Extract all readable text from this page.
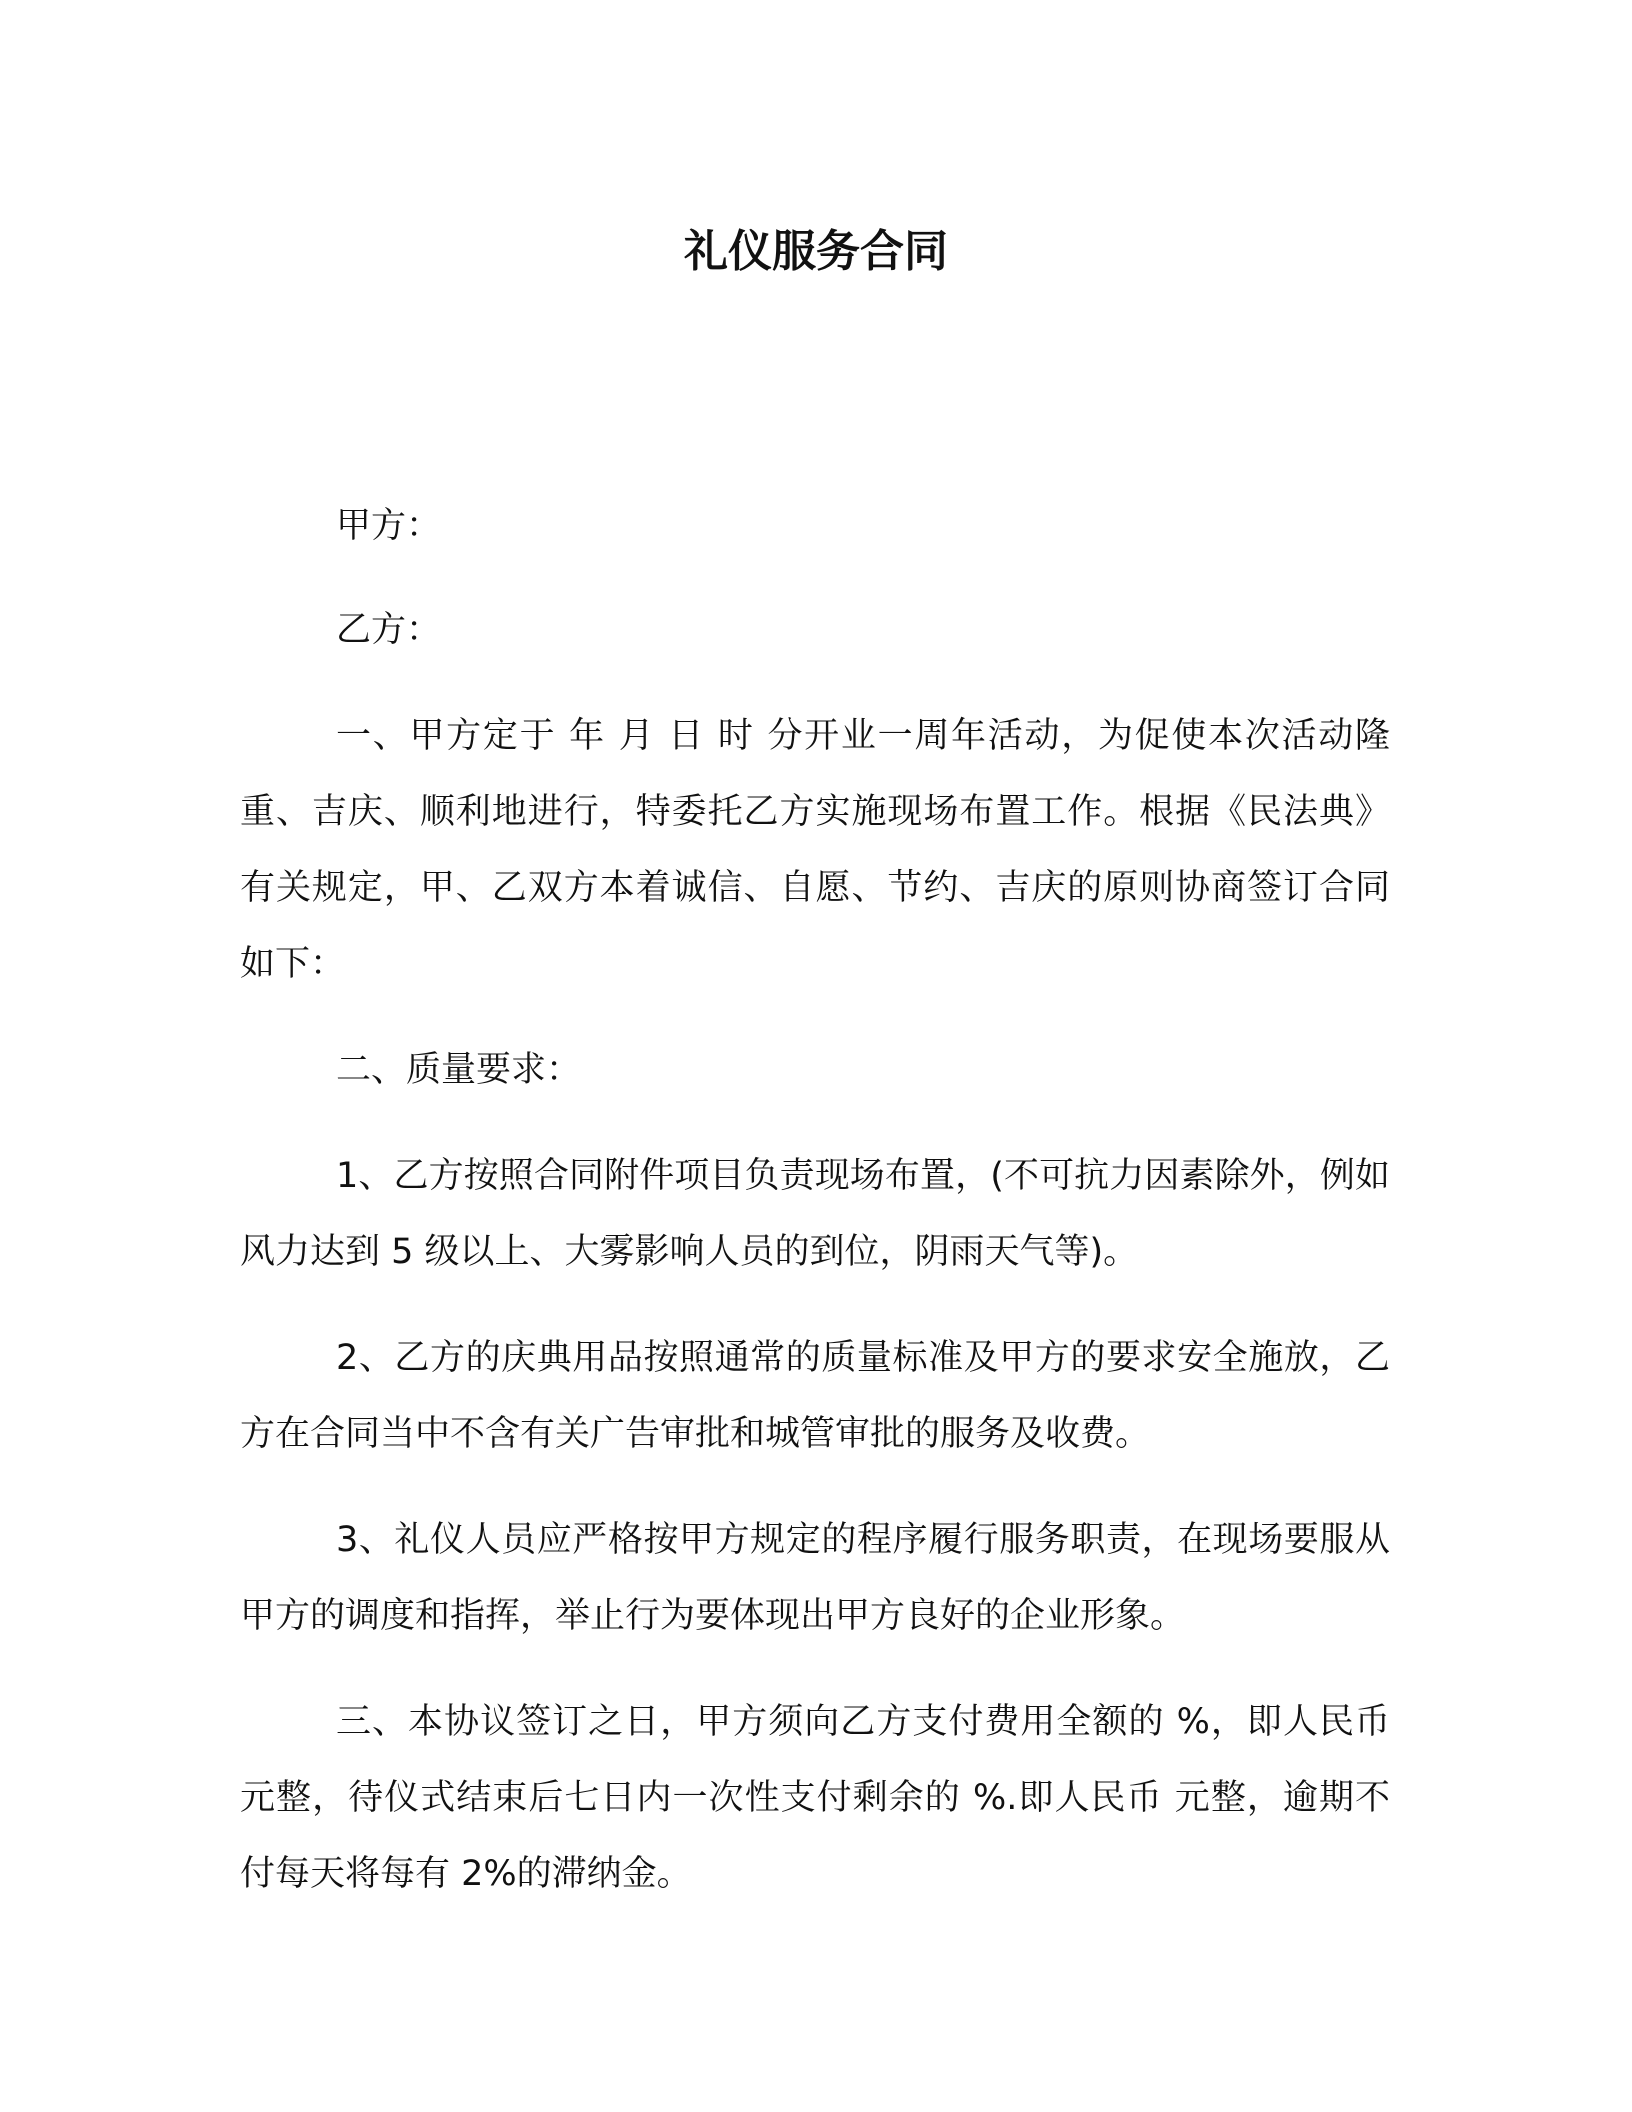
礼仪服务合同

甲方：

乙方：

一、甲方定于 年 月 日 时 分开业一周年活动，为促使本次活动隆重、吉庆、顺利地进行，特委托乙方实施现场布置工作。根据《民法典》有关规定，甲、乙双方本着诚信、自愿、节约、吉庆的原则协商签订合同如下：

二、质量要求：

1、乙方按照合同附件项目负责现场布置，(不可抗力因素除外，例如风力达到 5 级以上、大雾影响人员的到位，阴雨天气等)。

2、乙方的庆典用品按照通常的质量标准及甲方的要求安全施放，乙方在合同当中不含有关广告审批和城管审批的服务及收费。

3、礼仪人员应严格按甲方规定的程序履行服务职责，在现场要服从甲方的调度和指挥，举止行为要体现出甲方良好的企业形象。

三、本协议签订之日，甲方须向乙方支付费用全额的 %，即人民币 元整，待仪式结束后七日内一次性支付剩余的 %.即人民币 元整，逾期不付每天将每有 2%的滞纳金。
